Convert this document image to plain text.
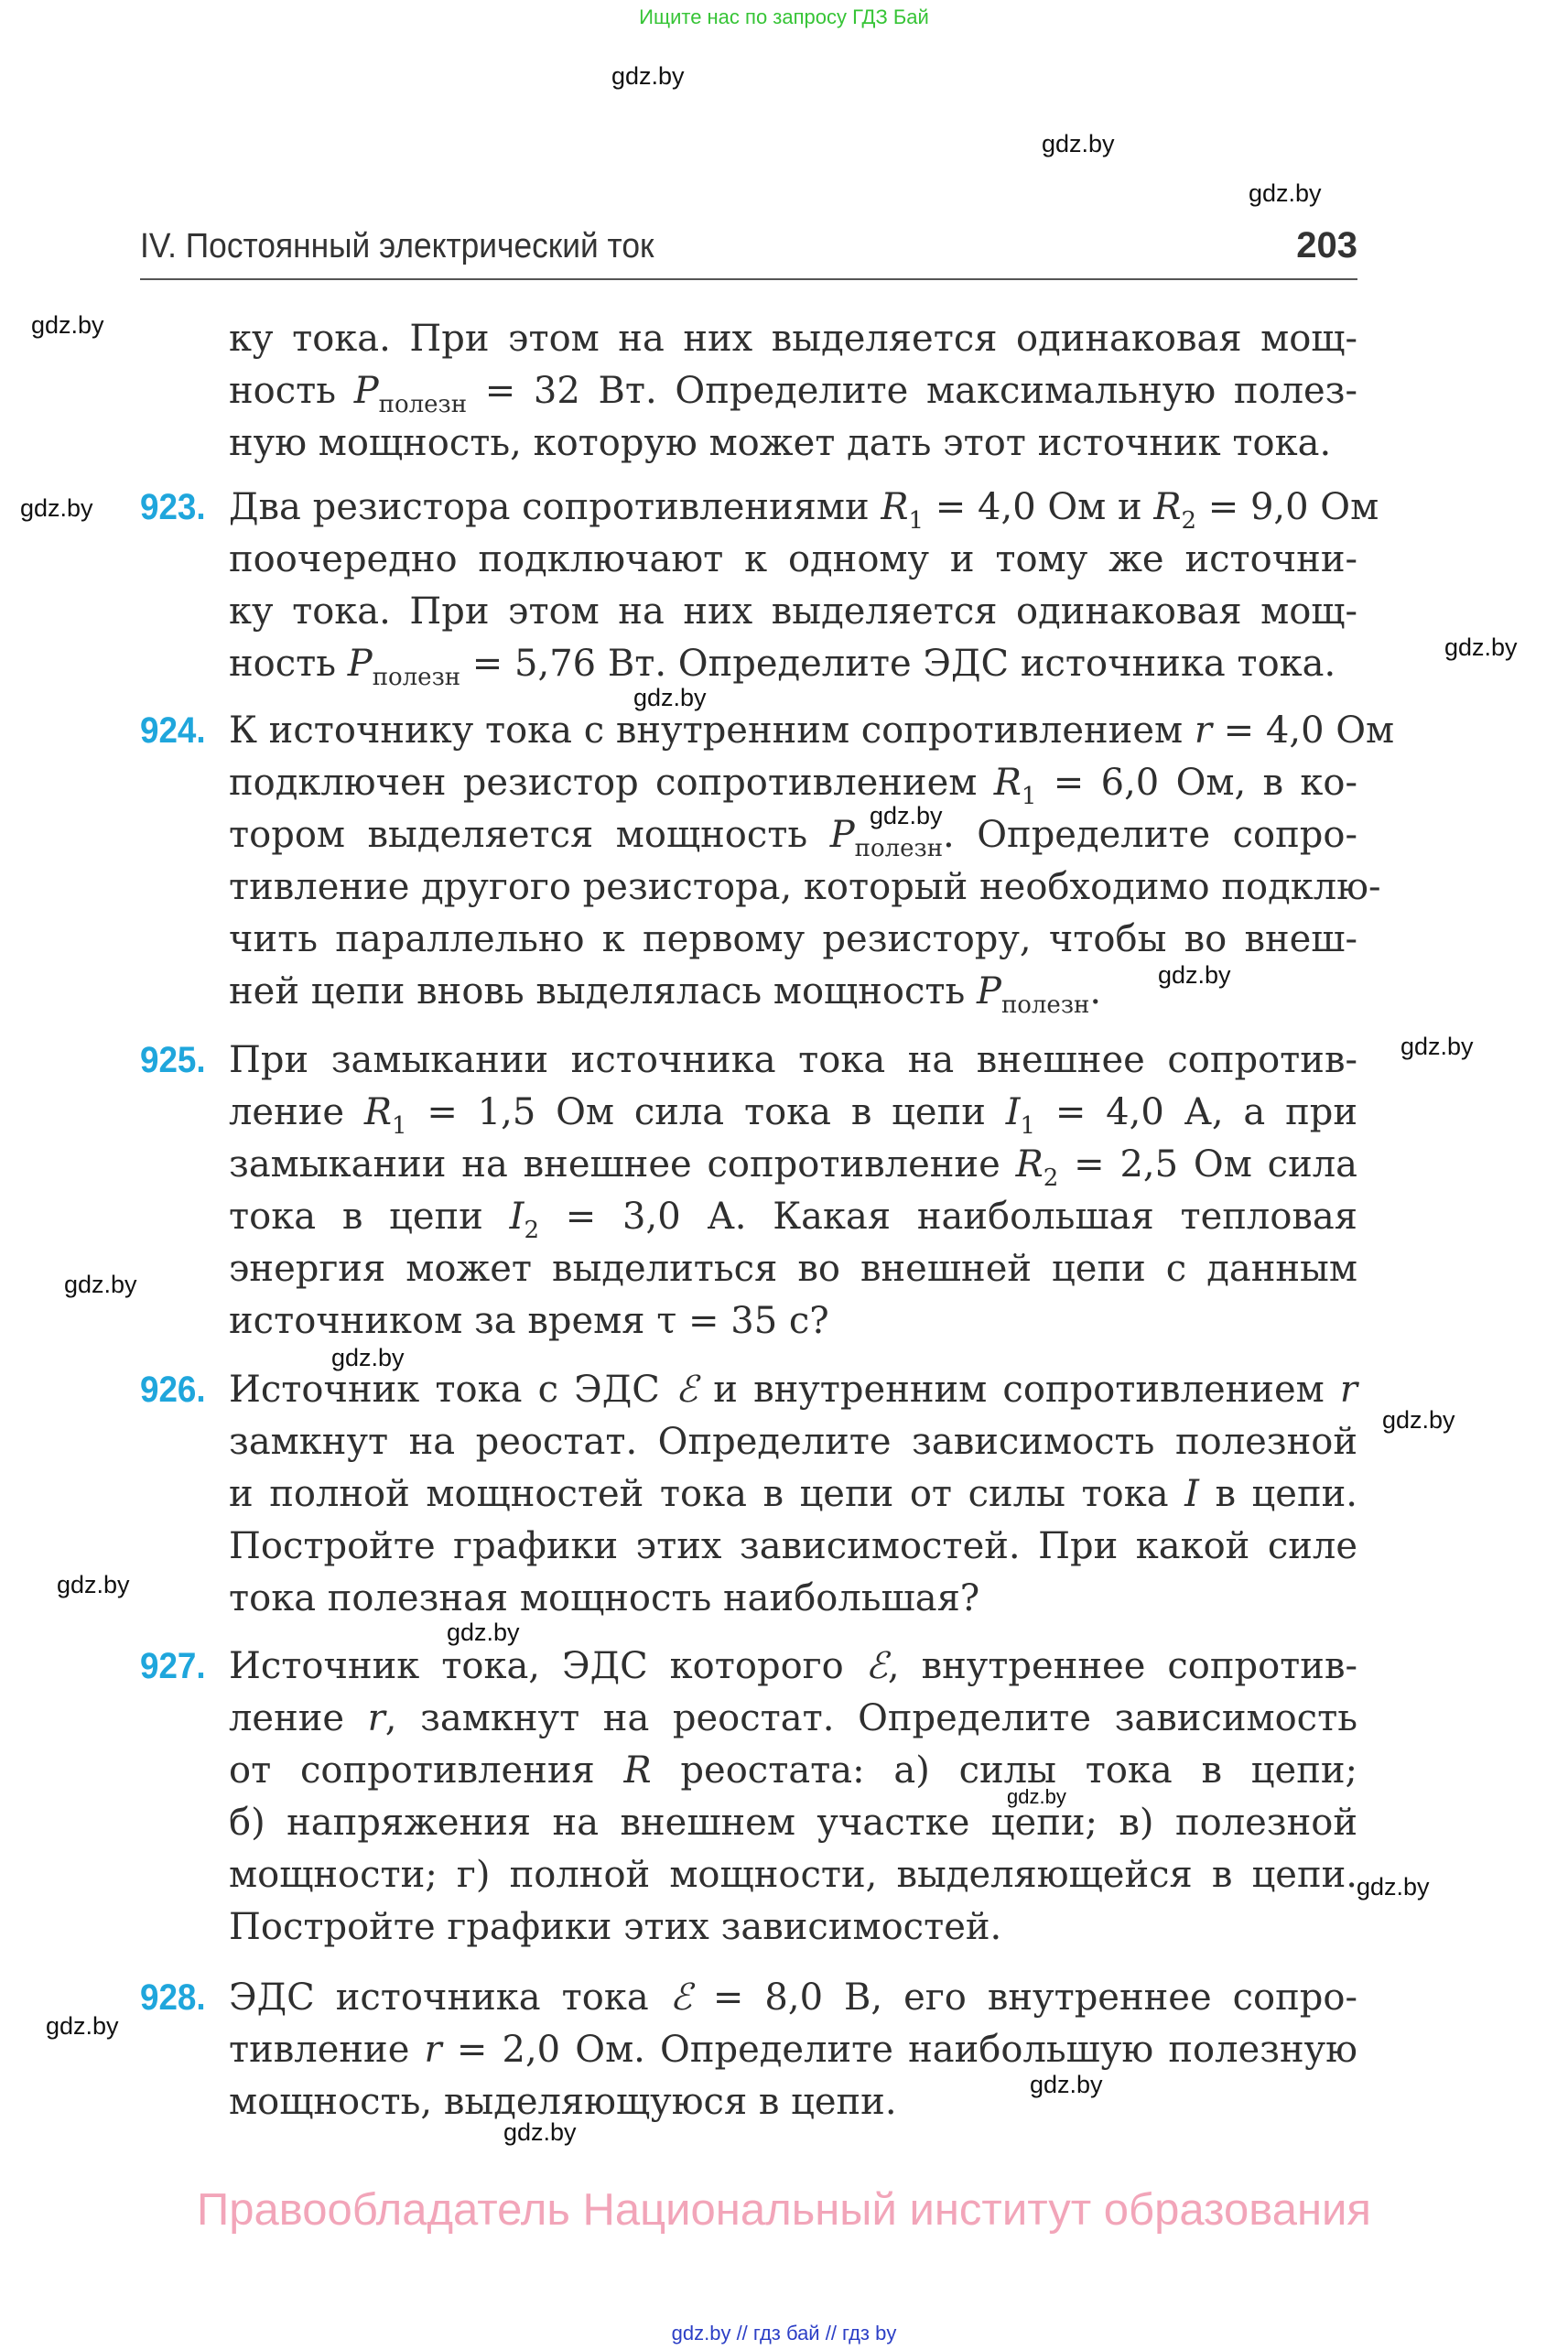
Ищите нас по запросу ГДЗ Бай
gdz.by
gdz.by
gdz.by
gdz.by
gdz.by
gdz.by
gdz.by
gdz.by
gdz.by
gdz.by
gdz.by
gdz.by
gdz.by
gdz.by
gdz.by
gdz.by
gdz.by
gdz.by
gdz.by
gdz.by
IV. Постоянный электрический ток	203
ку тока. При этом на них выделяется одинаковая мощ-
ность $P_{полезн} = 32$ Вт. Определите максимальную полез-
ную мощность, которую может дать этот источник тока.
923. Два резистора сопротивлениями $R_1 = 4,0$ Ом и $R_2 = 9,0$ Ом
поочередно подключают к одному и тому же источни-
ку тока. При этом на них выделяется одинаковая мощ-
ность $P_{полезн} = 5,76$ Вт. Определите ЭДС источника тока.
924. К источнику тока с внутренним сопротивлением r = 4,0 Ом
подключен резистор сопротивлением $R_1 = 6,0$ Ом, в ко-
тором выделяется мощность $P_{полезн}$. Определите сопро-
тивление другого резистора, который необходимо подклю-
чить параллельно к первому резистору, чтобы во внеш-
ней цепи вновь выделялась мощность $P_{полезн}$.
925. При замыкании источника тока на внешнее сопротив-
ление $R_1 = 1,5$ Ом сила тока в цепи $I_1 = 4,0$ А, а при
замыкании на внешнее сопротивление $R_2 = 2,5$ Ом сила
тока в цепи $I_2 = 3,0$ А. Какая наибольшая тепловая
энергия может выделиться во внешней цепи с данным
источником за время τ = 35 с?
926. Источник тока с ЭДС ℰ и внутренним сопротивлением r
замкнут на реостат. Определите зависимость полезной
и полной мощностей тока в цепи от силы тока I в цепи.
Постройте графики этих зависимостей. При какой силе
тока полезная мощность наибольшая?
927. Источник тока, ЭДС которого ℰ, внутреннее сопротив-
ление r, замкнут на реостат. Определите зависимость
от сопротивления R реостата: а) силы тока в цепи;
б) напряжения на внешнем участке цепи; в) полезной
мощности; г) полной мощности, выделяющейся в цепи.
Постройте графики этих зависимостей.
928. ЭДС источника тока ℰ = 8,0 В, его внутреннее сопро-
тивление r = 2,0 Ом. Определите наибольшую полезную
мощность, выделяющуюся в цепи.
Правообладатель Национальный институт образования
gdz.by // гдз бай // гдз by
